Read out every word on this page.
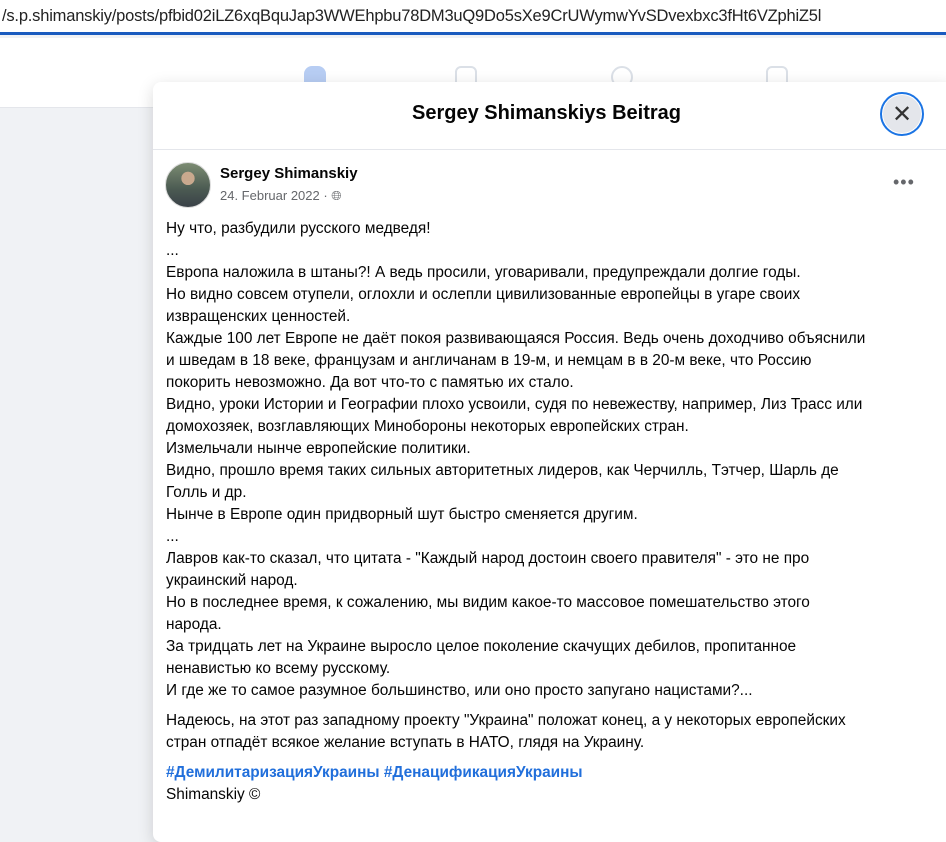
/s.p.shimanskiy/posts/pfbid02iLZ6xqBquJap3WWEhpbu78DM3uQ9Do5sXe9CrUWymwYvSDvexbxc3fHt6VZphiZ5l
Sergey Shimanskiys Beitrag	✕
Sergey Shimanskiy
24. Februar 2022 · 🌐︎
•••
Ну что, разбудили русского медведя!
...
Европа наложила в штаны?! А ведь просили, уговаривали, предупреждали долгие годы.
Но видно совсем отупели, оглохли и ослепли цивилизованные европейцы в угаре своих
извращенских ценностей.
Каждые 100 лет Европе не даёт покоя развивающаяся Россия. Ведь очень доходчиво объяснили
и шведам в 18 веке, французам и англичанам в 19-м, и немцам в в 20-м веке, что Россию
покорить невозможно. Да вот что-то с памятью их стало.
Видно, уроки Истории и Географии плохо усвоили, судя по невежеству, например, Лиз Трасс или
домохозяек, возглавляющих Минобороны некоторых европейских стран.
Измельчали нынче европейские политики.
Видно, прошло время таких сильных авторитетных лидеров, как Черчилль, Тэтчер, Шарль де
Голль и др.
Нынче в Европе один придворный шут быстро сменяется другим.
...
Лавров как-то сказал, что цитата - "Каждый народ достоин своего правителя" - это не про
украинский народ.
Но в последнее время, к сожалению, мы видим какое-то массовое помешательство этого
народа.
За тридцать лет на Украине выросло целое поколение скачущих дебилов, пропитанное
ненавистью ко всему русскому.
И где же то самое разумное большинство, или оно просто запугано нацистами?...
Надеюсь, на этот раз западному проекту "Украина" положат конец, а у некоторых европейских
стран отпадёт всякое желание вступать в НАТО, глядя на Украину.
#ДемилитаризацияУкраины #ДенацификацияУкраины
Shimanskiy ©
